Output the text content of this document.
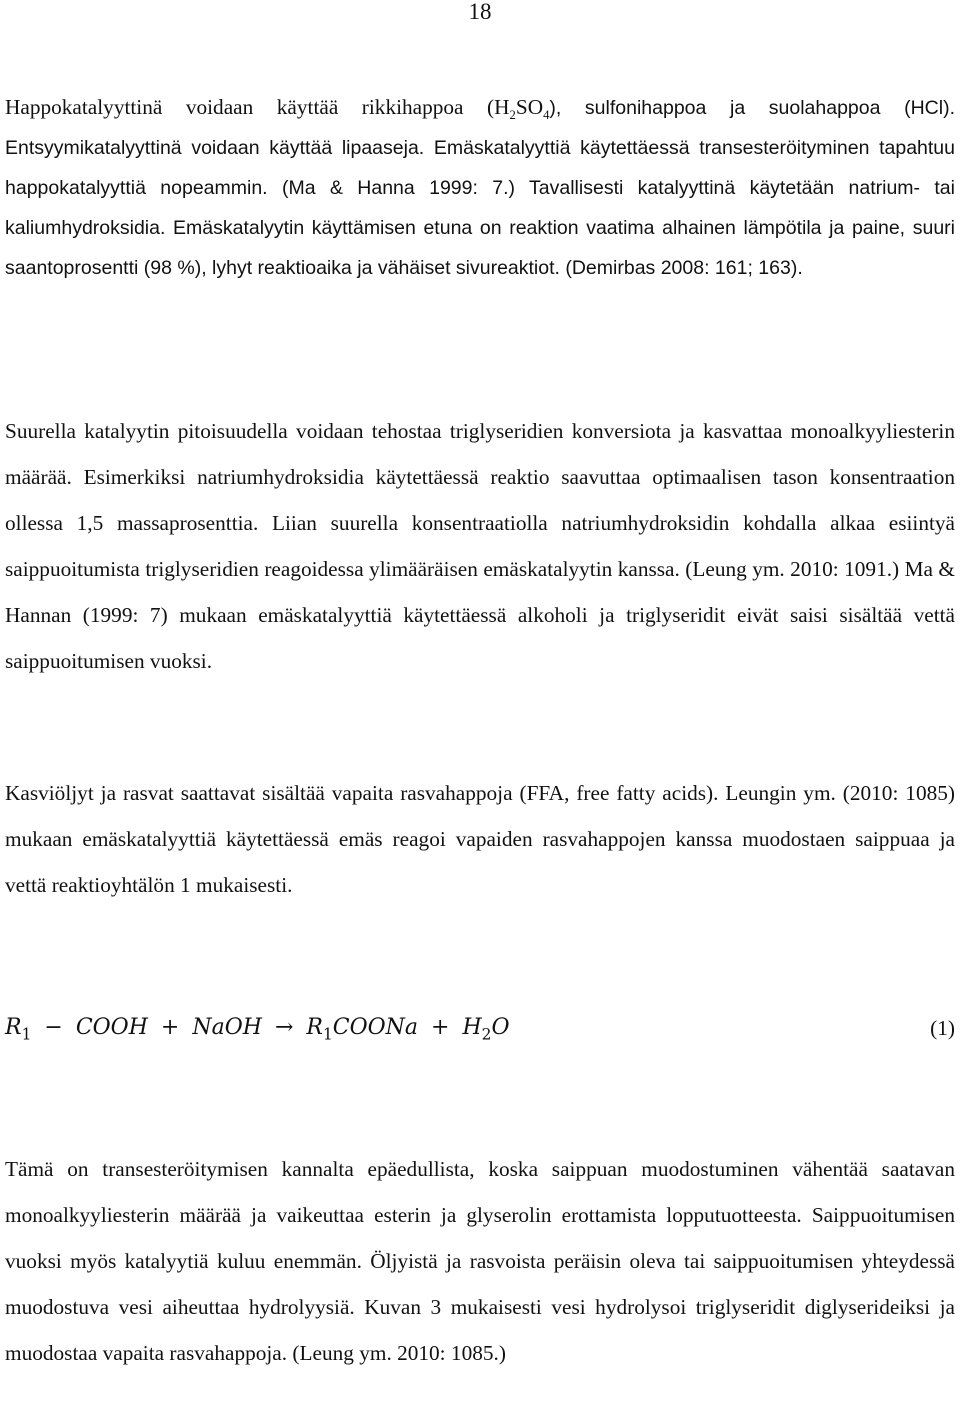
18

Happokatalyyttinä voidaan käyttää rikkihappoa $(H_2SO_4)$, sulfonihappoa ja suolahappoa (HCl). Entsyymikatalyyttinä voidaan käyttää lipaaseja. Emäskatalyyttiä käytettäessä transesteröityminen tapahtuu happokatalyyttiä nopeammin. (Ma & Hanna 1999: 7.) Tavallisesti katalyyttinä käytetään natrium- tai kaliumhydroksidia. Emäskatalyytin käyttämisen etuna on reaktion vaatima alhainen lämpötila ja paine, suuri saantoprosentti (98 %), lyhyt reaktioaika ja vähäiset sivureaktiot. (Demirbas 2008: 161; 163).

Suurella katalyytin pitoisuudella voidaan tehostaa triglyseridien konversiota ja kasvattaa monoalkyyliesterin määrää. Esimerkiksi natriumhydroksidia käytettäessä reaktio saavuttaa optimaalisen tason konsentraation ollessa 1,5 massaprosenttia. Liian suurella konsentraatiolla natriumhydroksidin kohdalla alkaa esiintyä saippuoitumista triglyseridien reagoidessa ylimääräisen emäskatalyytin kanssa. (Leung ym. 2010: 1091.) Ma & Hannan (1999: 7) mukaan emäskatalyyttiä käytettäessä alkoholi ja triglyseridit eivät saisi sisältää vettä saippuoitumisen vuoksi.

Kasviöljyt ja rasvat saattavat sisältää vapaita rasvahappoja (FFA, free fatty acids). Leungin ym. (2010: 1085) mukaan emäskatalyyttiä käytettäessä emäs reagoi vapaiden rasvahappojen kanssa muodostaen saippuaa ja vettä reaktioyhtälön 1 mukaisesti.

$R_1$ − COOH + NaOH → $R_1COONa + H_2O$	(1)

Tämä on transesteröitymisen kannalta epäedullista, koska saippuan muodostuminen vähentää saatavan monoalkyyliesterin määrää ja vaikeuttaa esterin ja glyserolin erottamista lopputuotteesta. Saippuoitumisen vuoksi myös katalyytiä kuluu enemmän. Öljyistä ja rasvoista peräisin oleva tai saippuoitumisen yhteydessä muodostuva vesi aiheuttaa hydrolyysiä. Kuvan 3 mukaisesti vesi hydrolysoi triglyseridit diglyserideiksi ja muodostaa vapaita rasvahappoja. (Leung ym. 2010: 1085.)
